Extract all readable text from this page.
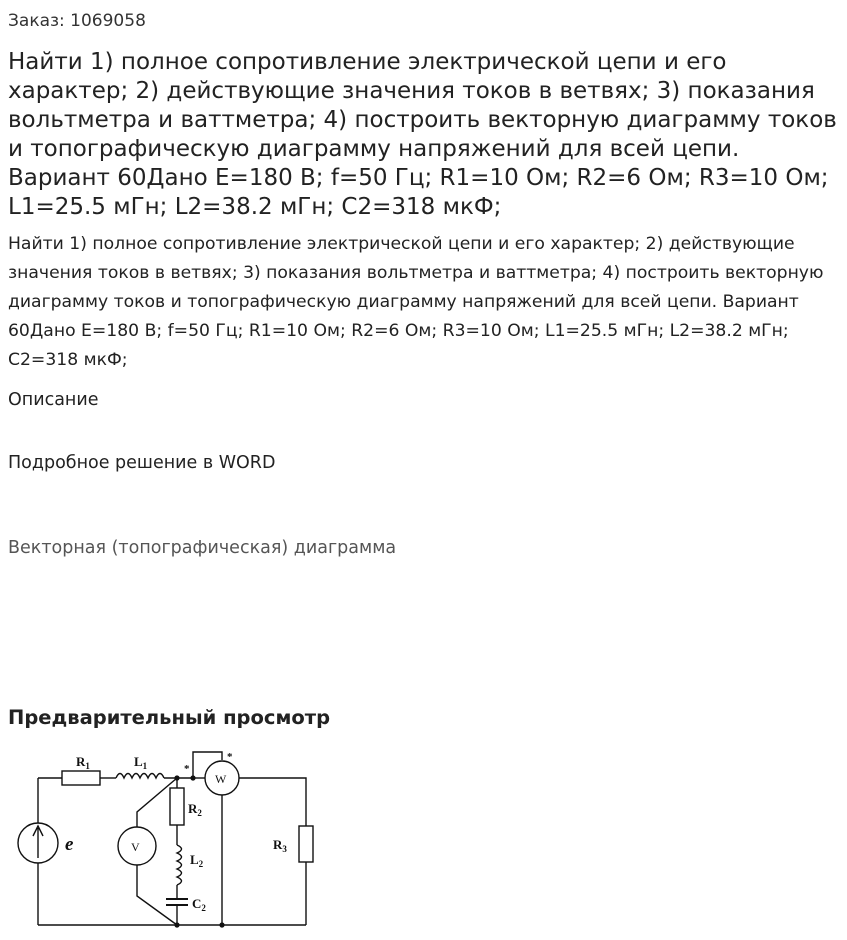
Заказ: 1069058
Найти 1) полное сопротивление электрической цепи и его характер; 2) действующие значения токов в ветвях; 3) показания вольтметра и ваттметра; 4) построить векторную диаграмму токов и топографическую диаграмму напряжений для всей цепи. Вариант 60Дано E=180 В; f=50 Гц; R1=10 Ом; R2=6 Ом; R3=10 Ом; L1=25.5 мГн; L2=38.2 мГн; C2=318 мкФ;

Найти 1) полное сопротивление электрической цепи и его характер; 2) действующие значения токов в ветвях; 3) показания вольтметра и ваттметра; 4) построить векторную диаграмму токов и топографическую диаграмму напряжений для всей цепи. Вариант 60Дано E=180 В; f=50 Гц; R1=10 Ом; R2=6 Ом; R3=10 Ом; L1=25.5 мГн; L2=38.2 мГн; C2=318 мкФ;

Описание
Подробное решение в WORD
Векторная (топографическая) диаграмма
Предварительный просмотр
$R_1$	$L_1$
$R_2$
$L_2$
$C_2$
$R_3$
W
V
e
*
*
